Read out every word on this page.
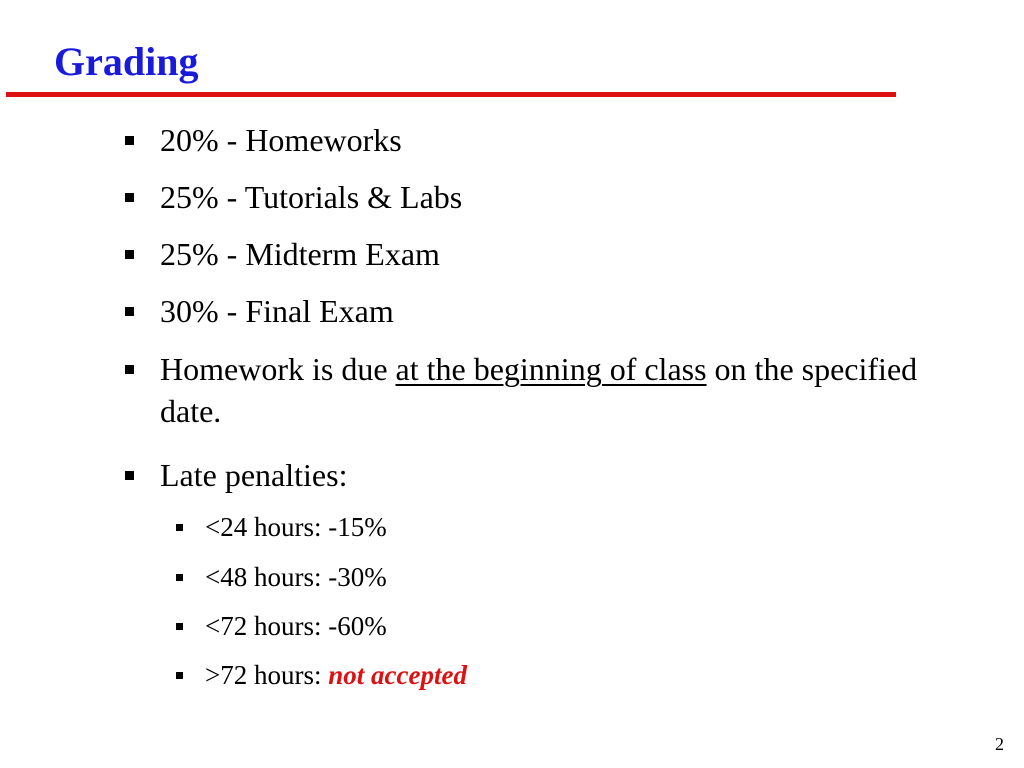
Grading
20% - Homeworks
25% - Tutorials & Labs
25% - Midterm Exam
30% - Final Exam
Homework is due at the beginning of class on the specified date.
Late penalties:
<24 hours: -15%
<48 hours: -30%
<72 hours: -60%
>72 hours: not accepted
2
